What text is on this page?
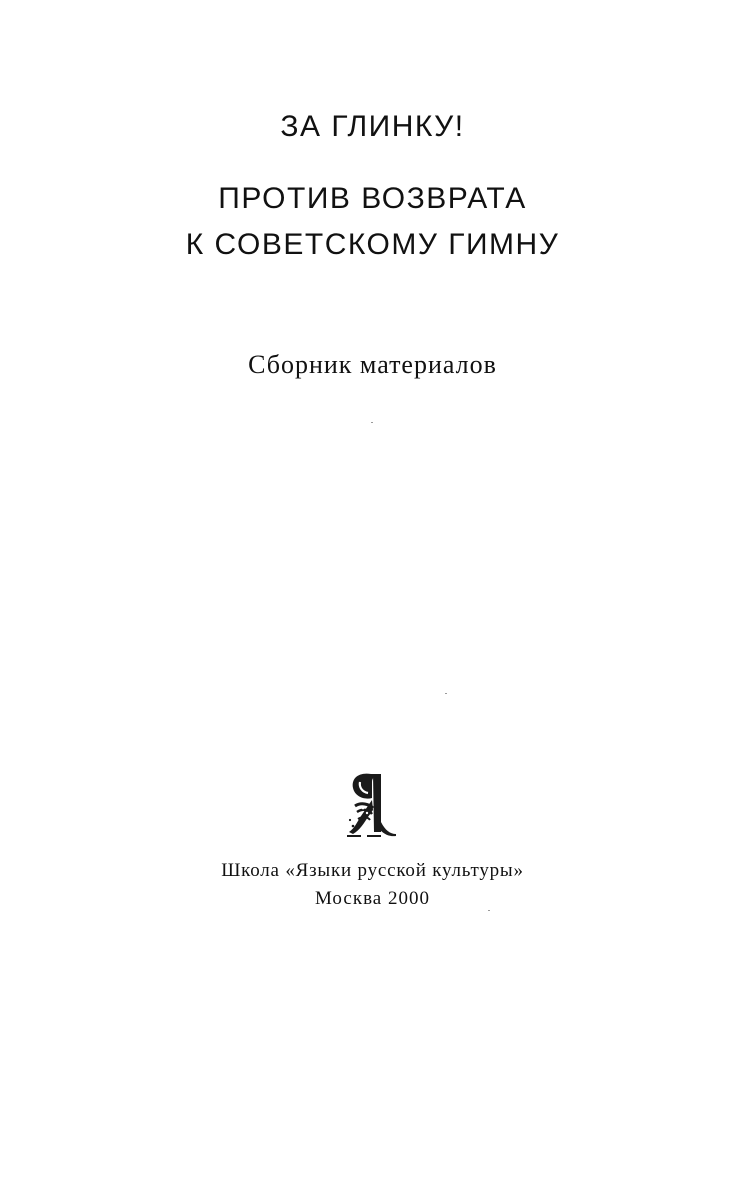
ЗА ГЛИНКУ!
ПРОТИВ ВОЗВРАТА
К СОВЕТСКОМУ ГИМНУ
Сборник материалов
Школа «Языки русской культуры»
Москва 2000
